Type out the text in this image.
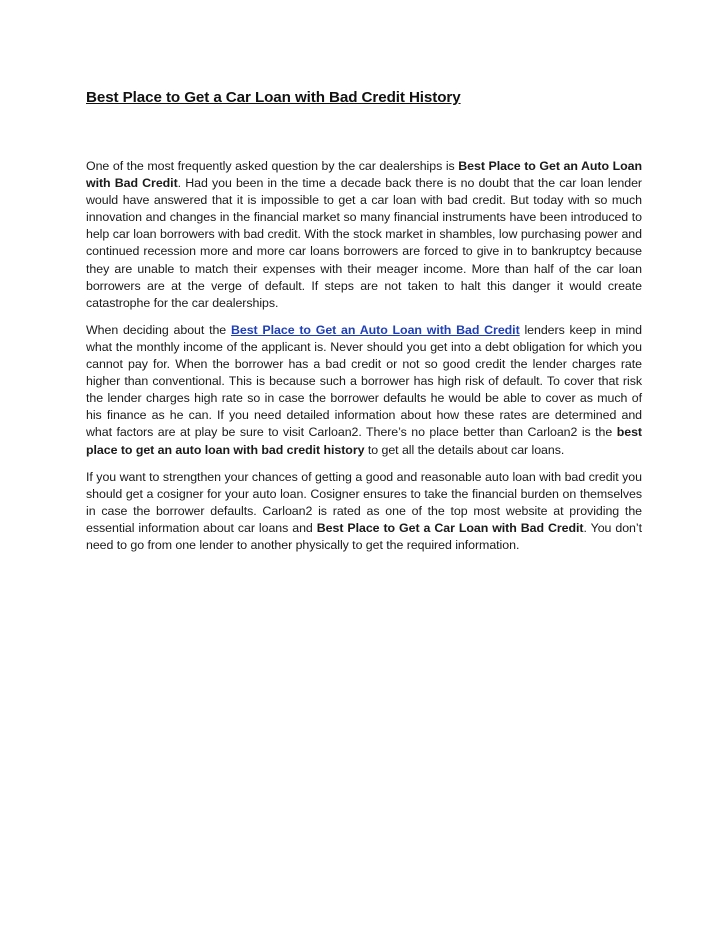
Best Place to Get a Car Loan with Bad Credit History

One of the most frequently asked question by the car dealerships is Best Place to Get an Auto Loan with Bad Credit. Had you been in the time a decade back there is no doubt that the car loan lender would have answered that it is impossible to get a car loan with bad credit. But today with so much innovation and changes in the financial market so many financial instruments have been introduced to help car loan borrowers with bad credit. With the stock market in shambles, low purchasing power and continued recession more and more car loans borrowers are forced to give in to bankruptcy because they are unable to match their expenses with their meager income. More than half of the car loan borrowers are at the verge of default. If steps are not taken to halt this danger it would create catastrophe for the car dealerships.

When deciding about the Best Place to Get an Auto Loan with Bad Credit lenders keep in mind what the monthly income of the applicant is. Never should you get into a debt obligation for which you cannot pay for. When the borrower has a bad credit or not so good credit the lender charges rate higher than conventional. This is because such a borrower has high risk of default. To cover that risk the lender charges high rate so in case the borrower defaults he would be able to cover as much of his finance as he can. If you need detailed information about how these rates are determined and what factors are at play be sure to visit Carloan2. There’s no place better than Carloan2 is the best place to get an auto loan with bad credit history to get all the details about car loans.

If you want to strengthen your chances of getting a good and reasonable auto loan with bad credit you should get a cosigner for your auto loan. Cosigner ensures to take the financial burden on themselves in case the borrower defaults. Carloan2 is rated as one of the top most website at providing the essential information about car loans and Best Place to Get a Car Loan with Bad Credit. You don’t need to go from one lender to another physically to get the required information.
